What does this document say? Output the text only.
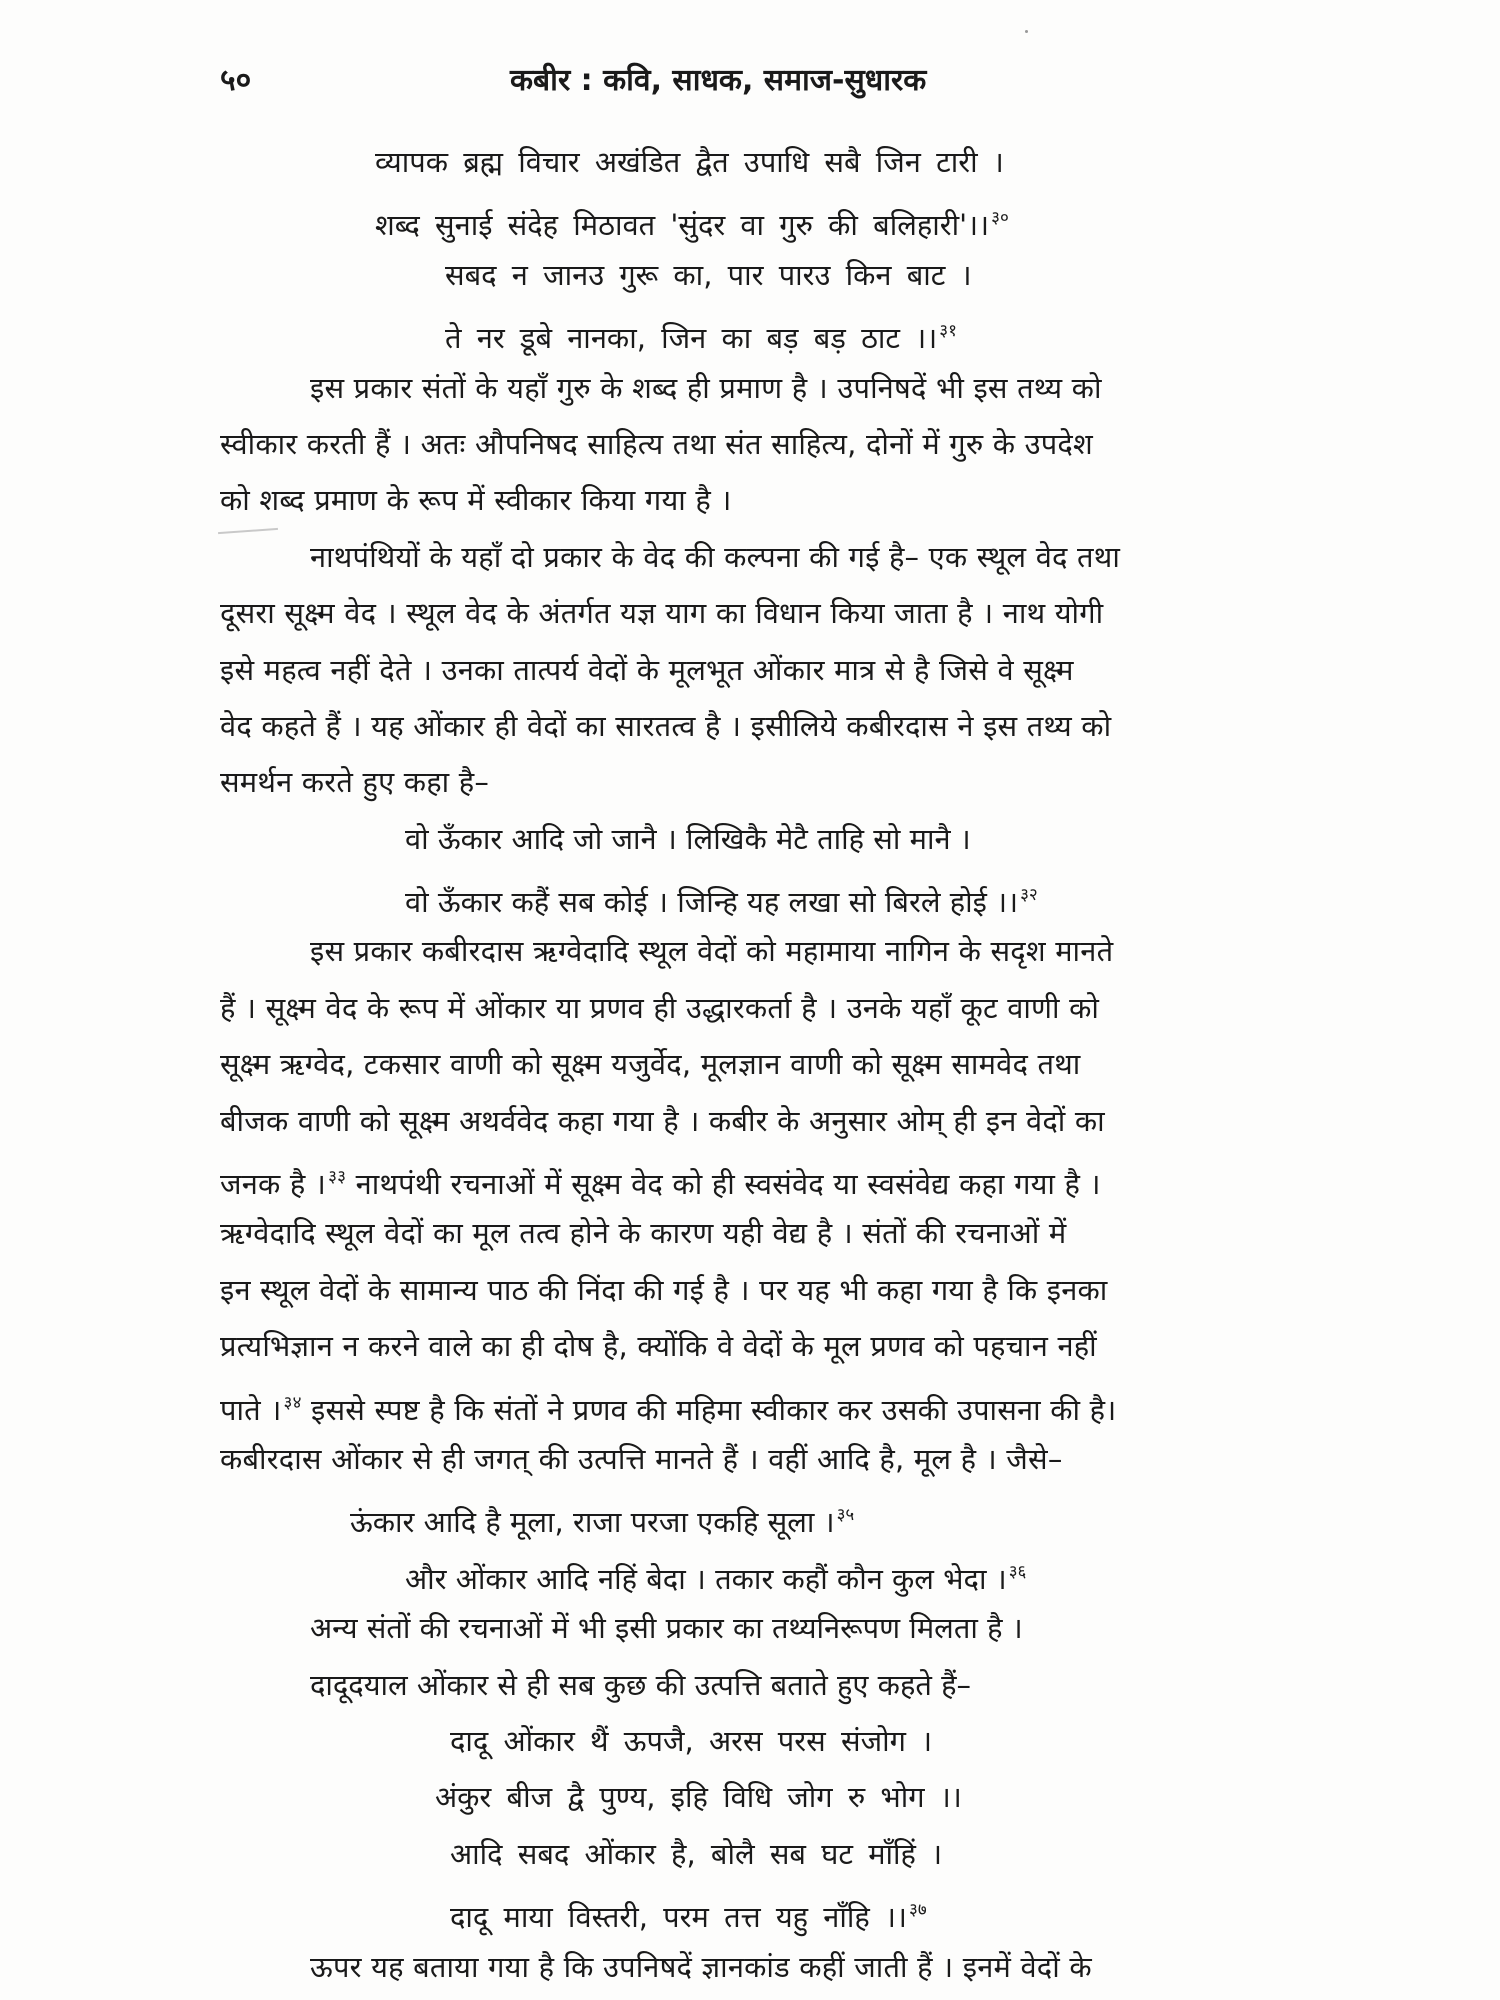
५०	कबीर : कवि, साधक, समाज-सुधारक
व्यापक ब्रह्म विचार अखंडित द्वैत उपाधि सबै जिन टारी ।
शब्द सुनाई संदेह मिठावत 'सुंदर वा गुरु की बलिहारी'।। $^{३०}$
सबद न जानउ गुरू का, पार पारउ किन बाट ।
ते नर डूबे नानका, जिन का बड़ बड़ ठाट ।। $^{३१}$
इस प्रकार संतों के यहाँ गुरु के शब्द ही प्रमाण है । उपनिषदें भी इस तथ्य को
स्वीकार करती हैं । अतः औपनिषद साहित्य तथा संत साहित्य, दोनों में गुरु के उपदेश
को शब्द प्रमाण के रूप में स्वीकार किया गया है ।
नाथपंथियों के यहाँ दो प्रकार के वेद की कल्पना की गई है– एक स्थूल वेद तथा
दूसरा सूक्ष्म वेद । स्थूल वेद के अंतर्गत यज्ञ याग का विधान किया जाता है । नाथ योगी
इसे महत्व नहीं देते । उनका तात्पर्य वेदों के मूलभूत ओंकार मात्र से है जिसे वे सूक्ष्म
वेद कहते हैं । यह ओंकार ही वेदों का सारतत्व है । इसीलिये कबीरदास ने इस तथ्य को
समर्थन करते हुए कहा है–
वो ऊँकार आदि जो जानै । लिखिकै मेटै ताहि सो मानै ।
वो ऊँकार कहैं सब कोई । जिन्हि यह लखा सो बिरले होई ।। $^{३२}$
इस प्रकार कबीरदास ऋग्वेदादि स्थूल वेदों को महामाया नागिन के सदृश मानते
हैं । सूक्ष्म वेद के रूप में ओंकार या प्रणव ही उद्धारकर्ता है । उनके यहाँ कूट वाणी को
सूक्ष्म ऋग्वेद, टकसार वाणी को सूक्ष्म यजुर्वेद, मूलज्ञान वाणी को सूक्ष्म सामवेद तथा
बीजक वाणी को सूक्ष्म अथर्ववेद कहा गया है । कबीर के अनुसार ओम् ही इन वेदों का
जनक है । $^{३३}$ नाथपंथी रचनाओं में सूक्ष्म वेद को ही स्वसंवेद या स्वसंवेद्य कहा गया है ।
ऋग्वेदादि स्थूल वेदों का मूल तत्व होने के कारण यही वेद्य है । संतों की रचनाओं में
इन स्थूल वेदों के सामान्य पाठ की निंदा की गई है । पर यह भी कहा गया है कि इनका
प्रत्यभिज्ञान न करने वाले का ही दोष है, क्योंकि वे वेदों के मूल प्रणव को पहचान नहीं
पाते । $^{३४}$ इससे स्पष्ट है कि संतों ने प्रणव की महिमा स्वीकार कर उसकी उपासना की है।
कबीरदास ओंकार से ही जगत् की उत्पत्ति मानते हैं । वहीं आदि है, मूल है । जैसे–
ऊंकार आदि है मूला, राजा परजा एकहि सूला । $^{३५}$
और ओंकार आदि नहिं बेदा । तकार कहौं कौन कुल भेदा । $^{३६}$
अन्य संतों की रचनाओं में भी इसी प्रकार का तथ्यनिरूपण मिलता है ।
दादूदयाल ओंकार से ही सब कुछ की उत्पत्ति बताते हुए कहते हैं–
दादू ओंकार थैं ऊपजै, अरस परस संजोग ।
अंकुर बीज द्वै पुण्य, इहि विधि जोग रु भोग ।।
आदि सबद ओंकार है, बोलै सब घट माँहिं ।
दादू माया विस्तरी, परम तत्त यहु नाँहि ।। $^{३७}$
ऊपर यह बताया गया है कि उपनिषदें ज्ञानकांड कहीं जाती हैं । इनमें वेदों के
